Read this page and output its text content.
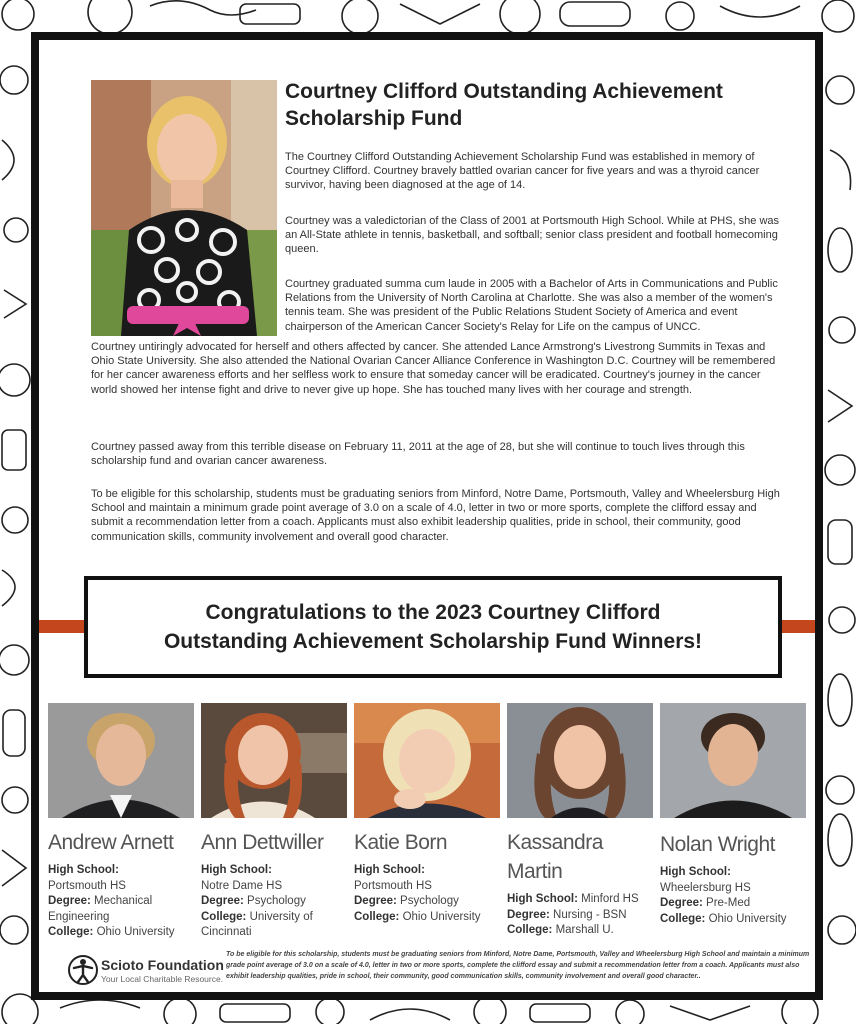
Courtney Clifford Outstanding Achievement Scholarship Fund

The Courtney Clifford Outstanding Achievement Scholarship Fund was established in memory of Courtney Clifford. Courtney bravely battled ovarian cancer for five years and was a thyroid cancer survivor, having been diagnosed at the age of 14.

Courtney was a valedictorian of the Class of 2001 at Portsmouth High School. While at PHS, she was an All-State athlete in tennis, basketball, and softball; senior class president and football homecoming queen.

Courtney graduated summa cum laude in 2005 with a Bachelor of Arts in Communications and Public Relations from the University of North Carolina at Charlotte. She was also a member of the women's tennis team. She was president of the Public Relations Student Society of America and event chairperson of the American Cancer Society's Relay for Life on the campus of UNCC.

Courtney untiringly advocated for herself and others affected by cancer. She attended Lance Armstrong's Livestrong Summits in Texas and Ohio State University. She also attended the National Ovarian Cancer Alliance Conference in Washington D.C. Courtney will be remembered for her cancer awareness efforts and her selfless work to ensure that someday cancer will be eradicated. Courtney's journey in the cancer world showed her intense fight and drive to never give up hope. She has touched many lives with her courage and strength.

Courtney passed away from this terrible disease on February 11, 2011 at the age of 28, but she will continue to touch lives through this scholarship fund and ovarian cancer awareness.

To be eligible for this scholarship, students must be graduating seniors from Minford, Notre Dame, Portsmouth, Valley and Wheelersburg High School and maintain a minimum grade point average of 3.0 on a scale of 4.0, letter in two or more sports, complete the clifford essay and submit a recommendation letter from a coach. Applicants must also exhibit leadership qualities, pride in school, their community, good communication skills, community involvement and overall good character.

Congratulations to the 2023 Courtney Clifford
Outstanding Achievement Scholarship Fund Winners!
Andrew Arnett
High School:
Portsmouth HS
Degree: Mechanical Engineering
College: Ohio University
Ann Dettwiller
High School:
Notre Dame HS
Degree: Psychology
College: University of Cincinnati
Katie Born
High School:
Portsmouth HS
Degree: Psychology
College: Ohio University
Kassandra Martin
High School: Minford HS
Degree: Nursing - BSN
College: Marshall U.
Nolan Wright
High School:
Wheelersburg HS
Degree: Pre-Med
College: Ohio University
Scioto Foundation
Your Local Charitable Resource.

To be eligible for this scholarship, students must be graduating seniors from Minford, Notre Dame, Portsmouth, Valley and Wheelersburg High School and maintain a minimum grade point average of 3.0 on a scale of 4.0, letter in two or more sports, complete the clifford essay and submit a recommendation letter from a coach. Applicants must also exhibit leadership qualities, pride in school, their community, good communication skills, community involvement and overall good character..
